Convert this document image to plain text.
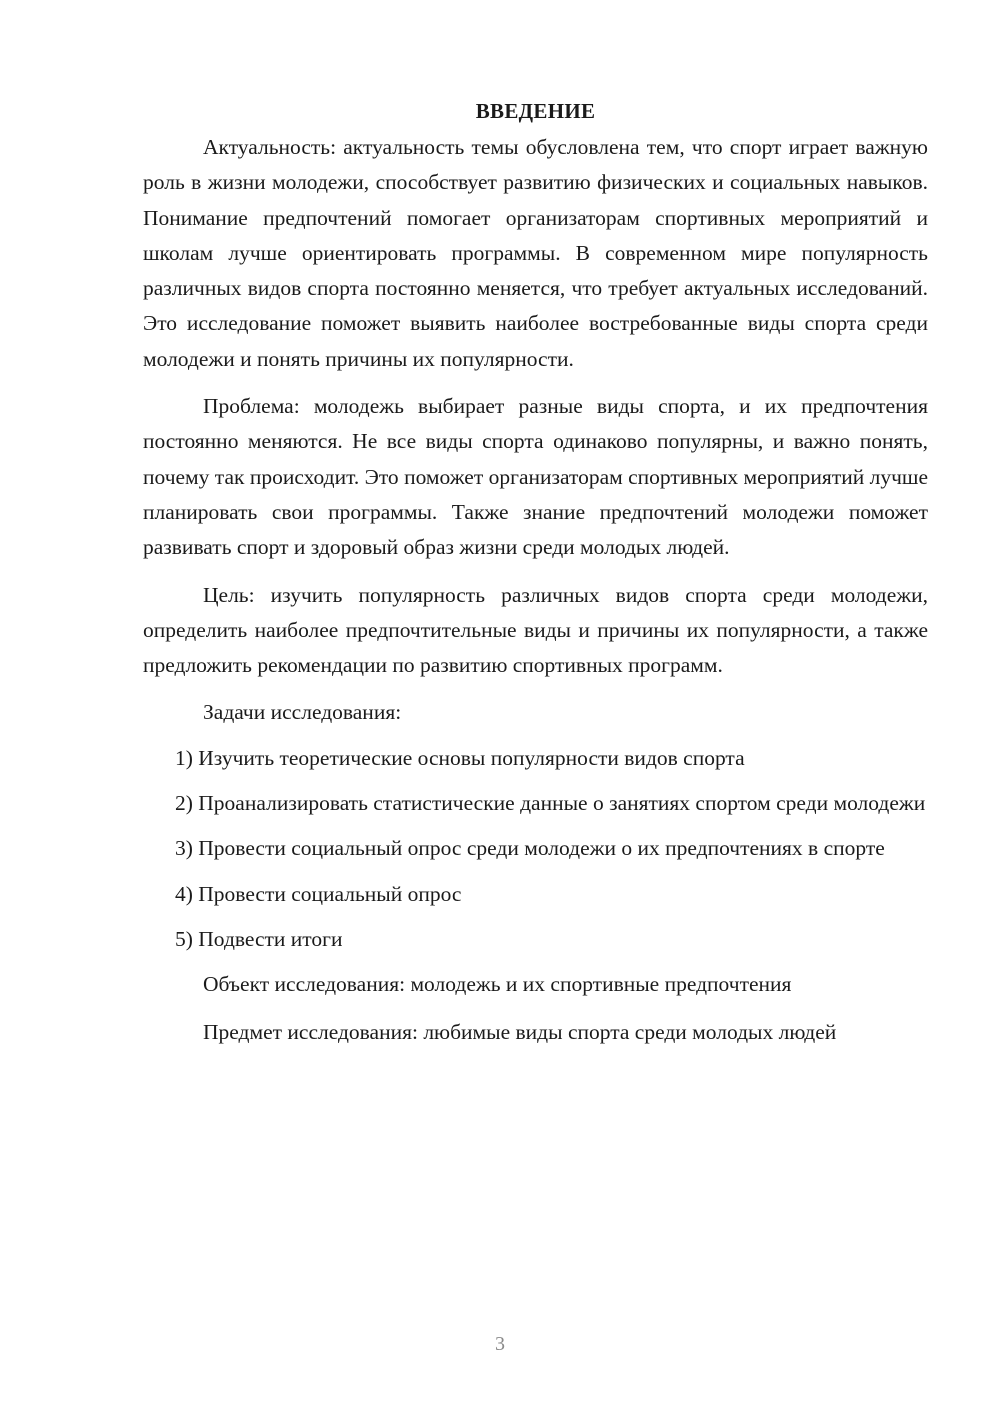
ВВЕДЕНИЕ

Актуальность: актуальность темы обусловлена тем, что спорт играет важную роль в жизни молодежи, способствует развитию физических и социальных навыков. Понимание предпочтений помогает организаторам спортивных мероприятий и школам лучше ориентировать программы. В современном мире популярность различных видов спорта постоянно меняется, что требует актуальных исследований. Это исследование поможет выявить наиболее востребованные виды спорта среди молодежи и понять причины их популярности.

Проблема: молодежь выбирает разные виды спорта, и их предпочтения постоянно меняются. Не все виды спорта одинаково популярны, и важно понять, почему так происходит. Это поможет организаторам спортивных мероприятий лучше планировать свои программы. Также знание предпочтений молодежи поможет развивать спорт и здоровый образ жизни среди молодых людей.

Цель: изучить популярность различных видов спорта среди молодежи, определить наиболее предпочтительные виды и причины их популярности, а также предложить рекомендации по развитию спортивных программ.

Задачи исследования:

1) Изучить теоретические основы популярности видов спорта

2) Проанализировать статистические данные о занятиях спортом среди молодежи

3) Провести социальный опрос среди молодежи о их предпочтениях в спорте

4) Провести социальный опрос

5) Подвести итоги

Объект исследования: молодежь и их спортивные предпочтения

Предмет исследования: любимые виды спорта среди молодых людей

3
